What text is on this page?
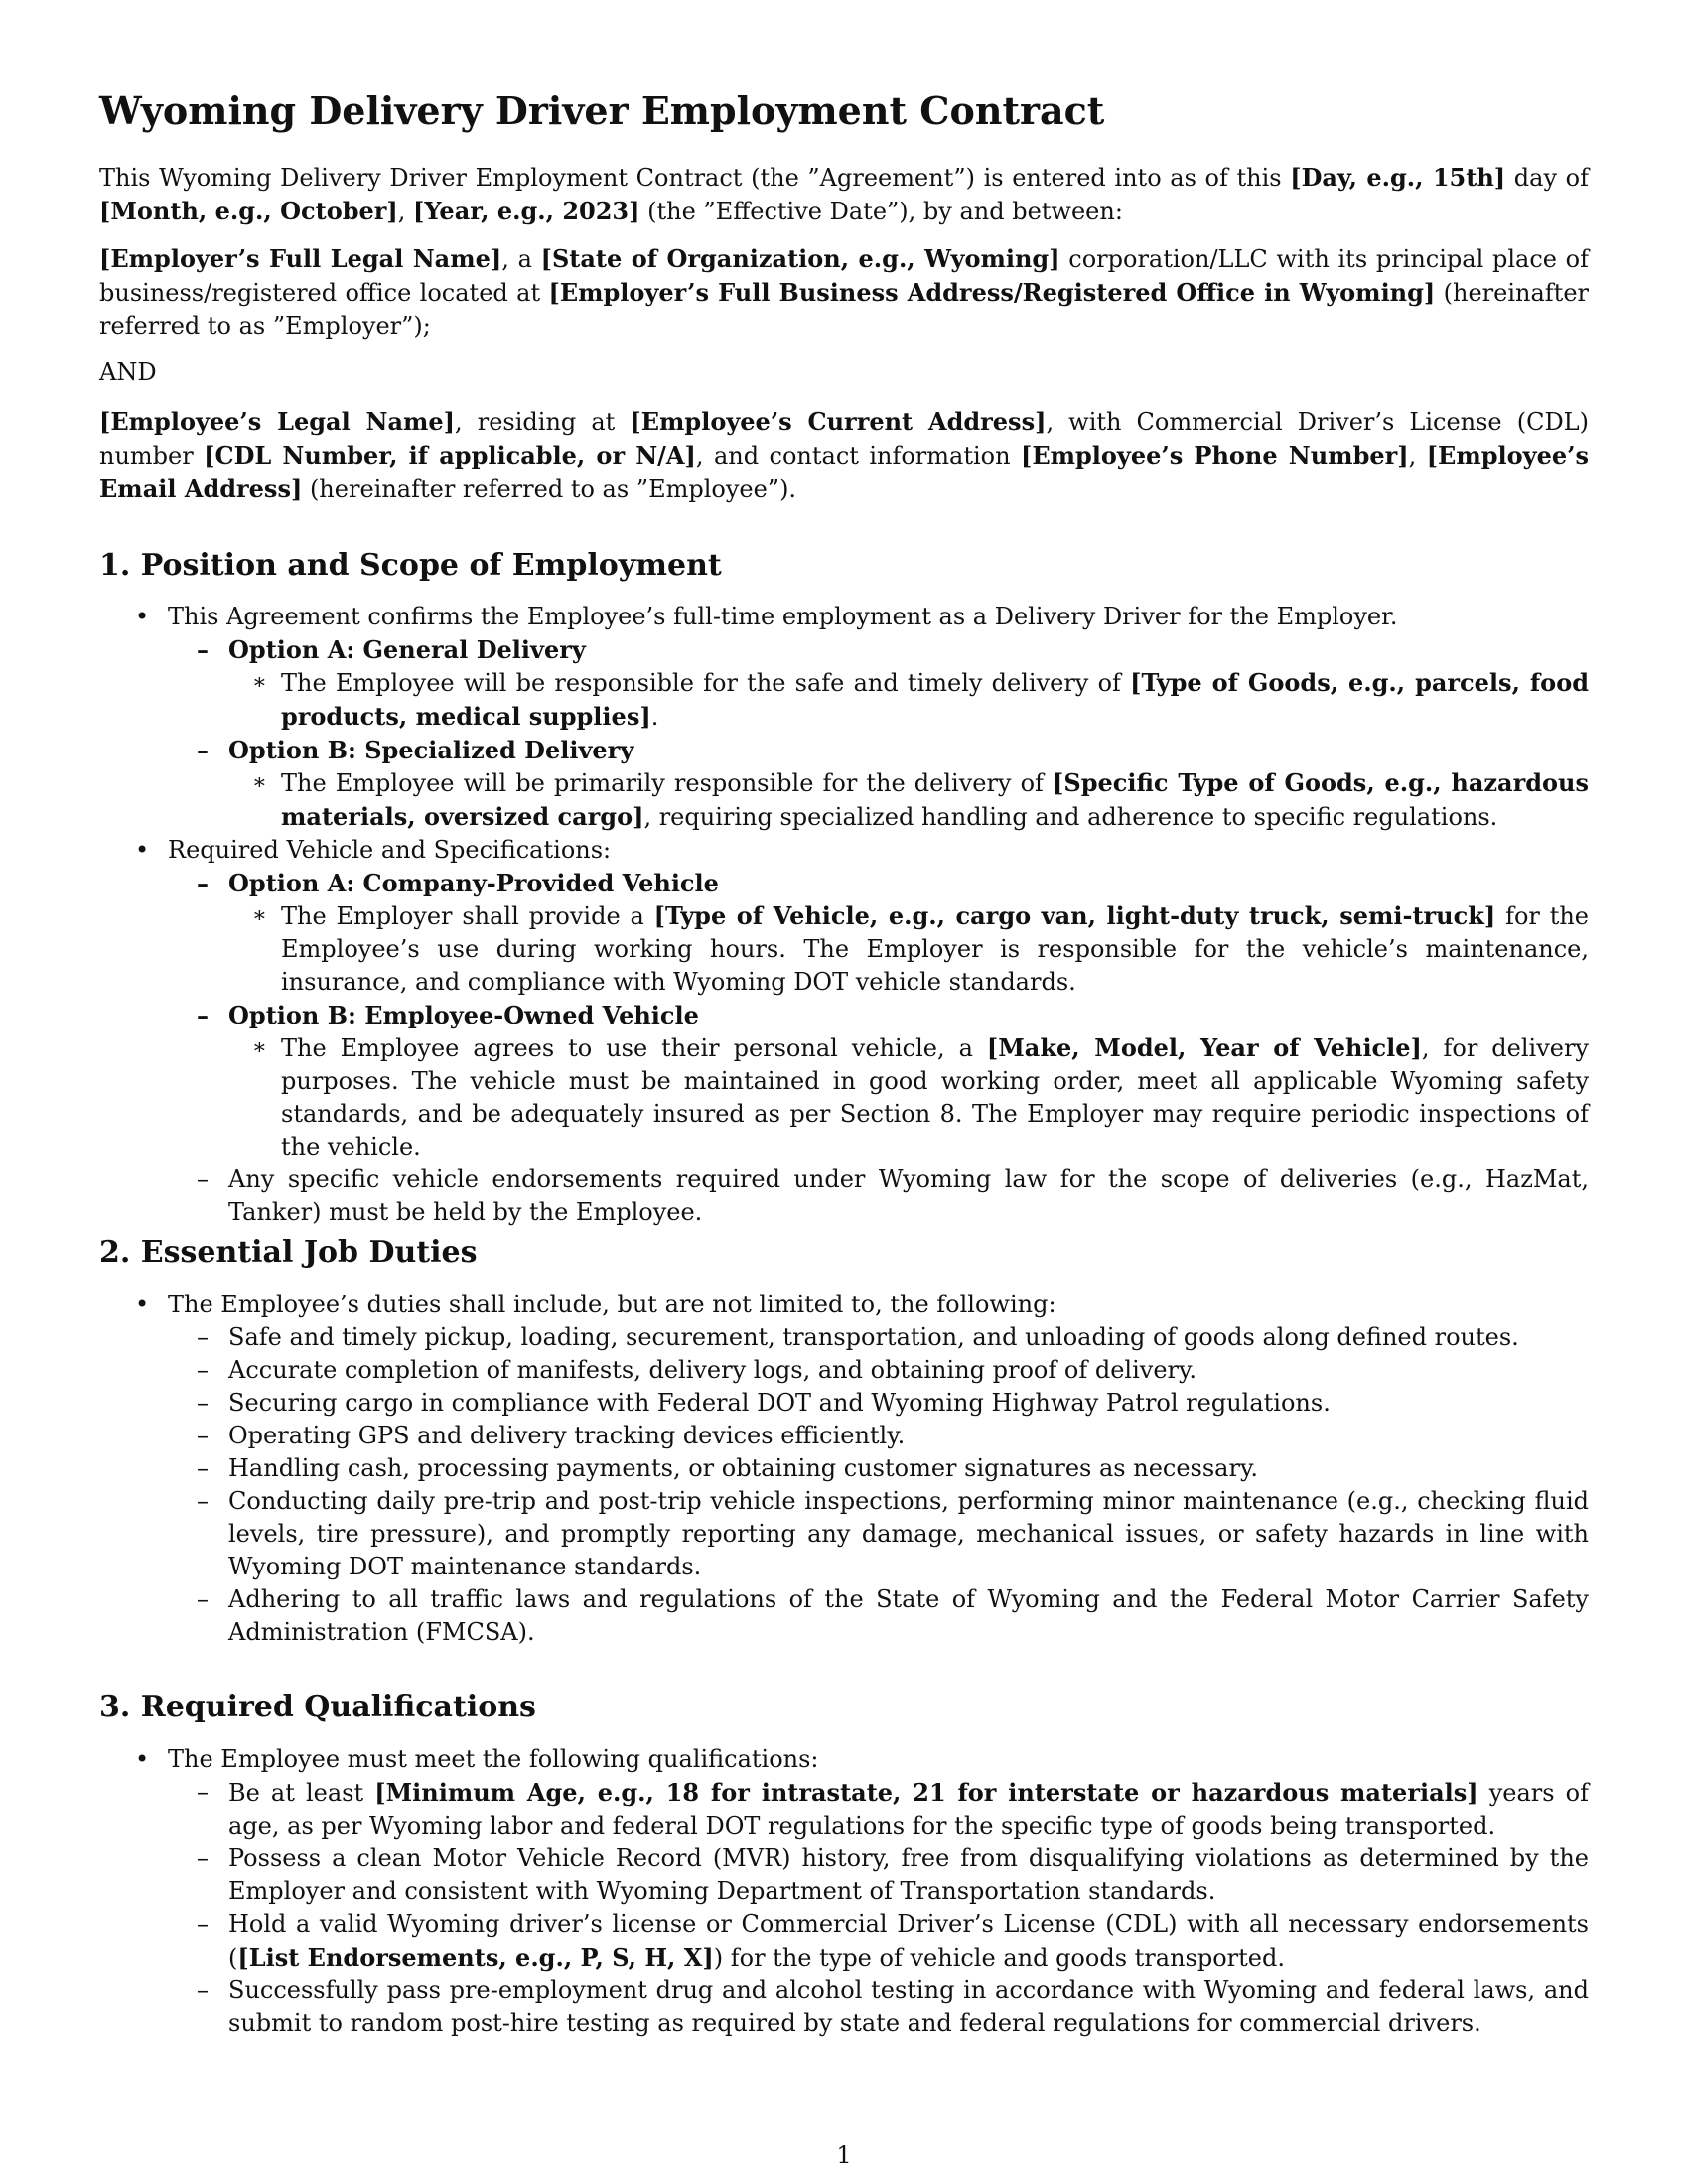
Wyoming Delivery Driver Employment Contract

This Wyoming Delivery Driver Employment Contract (the ”Agreement”) is entered into as of this [Day, e.g., 15th] day of [Month, e.g., October], [Year, e.g., 2023] (the ”Effective Date”), by and between:

[Employer’s Full Legal Name], a [State of Organization, e.g., Wyoming] corporation/LLC with its principal place of business/registered office located at [Employer’s Full Business Address/Registered Office in Wyoming] (hereinafter referred to as ”Employer”);

AND

[Employee’s Legal Name], residing at [Employee’s Current Address], with Commercial Driver’s License (CDL) number [CDL Number, if applicable, or N/A], and contact information [Employee’s Phone Number], [Employee’s Email Address] (hereinafter referred to as ”Employee”).

1. Position and Scope of Employment
• This Agreement confirms the Employee’s full-time employment as a Delivery Driver for the Employer.
– Option A: General Delivery
∗ The Employee will be responsible for the safe and timely delivery of [Type of Goods, e.g., parcels, food products, medical supplies].
– Option B: Specialized Delivery
∗ The Employee will be primarily responsible for the delivery of [Specific Type of Goods, e.g., hazardous materials, oversized cargo], requiring specialized handling and adherence to specific regulations.
• Required Vehicle and Specifications:
– Option A: Company-Provided Vehicle
∗ The Employer shall provide a [Type of Vehicle, e.g., cargo van, light-duty truck, semi-truck] for the Employee’s use during working hours. The Employer is responsible for the vehicle’s maintenance, insurance, and compliance with Wyoming DOT vehicle standards.
– Option B: Employee-Owned Vehicle
∗ The Employee agrees to use their personal vehicle, a [Make, Model, Year of Vehicle], for delivery purposes. The vehicle must be maintained in good working order, meet all applicable Wyoming safety standards, and be adequately insured as per Section 8. The Employer may require periodic inspections of the vehicle.
– Any specific vehicle endorsements required under Wyoming law for the scope of deliveries (e.g., HazMat, Tanker) must be held by the Employee.
2. Essential Job Duties
• The Employee’s duties shall include, but are not limited to, the following:
– Safe and timely pickup, loading, securement, transportation, and unloading of goods along defined routes.
– Accurate completion of manifests, delivery logs, and obtaining proof of delivery.
– Securing cargo in compliance with Federal DOT and Wyoming Highway Patrol regulations.
– Operating GPS and delivery tracking devices efficiently.
– Handling cash, processing payments, or obtaining customer signatures as necessary.
– Conducting daily pre-trip and post-trip vehicle inspections, performing minor maintenance (e.g., checking fluid levels, tire pressure), and promptly reporting any damage, mechanical issues, or safety hazards in line with Wyoming DOT maintenance standards.
– Adhering to all traffic laws and regulations of the State of Wyoming and the Federal Motor Carrier Safety Administration (FMCSA).
3. Required Qualifications
• The Employee must meet the following qualifications:
– Be at least [Minimum Age, e.g., 18 for intrastate, 21 for interstate or hazardous materials] years of age, as per Wyoming labor and federal DOT regulations for the specific type of goods being transported.
– Possess a clean Motor Vehicle Record (MVR) history, free from disqualifying violations as determined by the Employer and consistent with Wyoming Department of Transportation standards.
– Hold a valid Wyoming driver’s license or Commercial Driver’s License (CDL) with all necessary endorsements ([List Endorsements, e.g., P, S, H, X]) for the type of vehicle and goods transported.
– Successfully pass pre-employment drug and alcohol testing in accordance with Wyoming and federal laws, and submit to random post-hire testing as required by state and federal regulations for commercial drivers.
1
